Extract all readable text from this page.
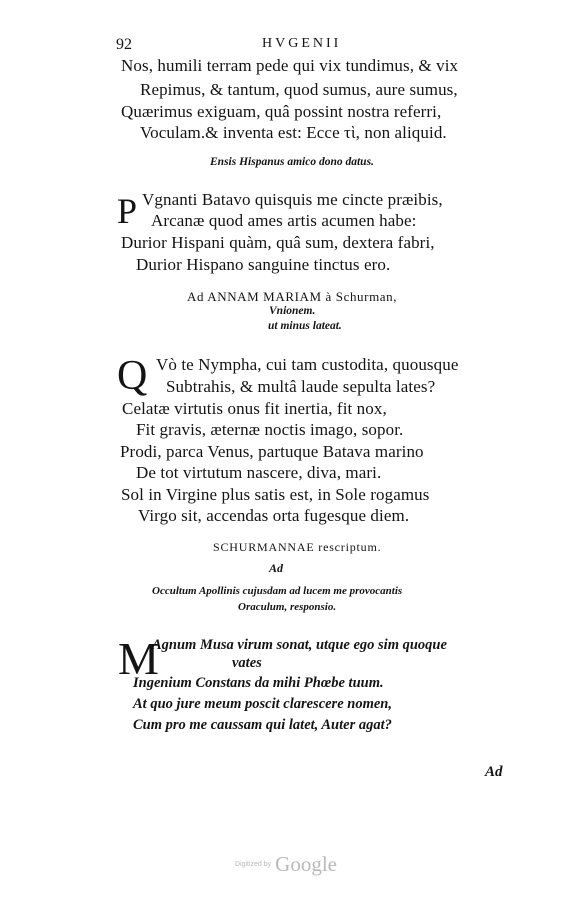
92	HVGENII
Nos, humili terram pede qui vix tundimus, & vix
Repimus, & tantum, quod sumus, aure sumus,
Quærimus exiguam, quâ possint nostra referri,
Voculam.& inventa est: Ecce τὶ, non aliquid.
Ensis Hispanus amico dono datus.
P Vgnanti Batavo quisquis me cincte præibis,
Arcanæ quod ames artis acumen habe:
Durior Hispani quàm, quâ sum, dextera fabri,
Durior Hispano sanguine tinctus ero.
Ad ANNAM MARIAM à Schurman,
Vnionem.
ut minus lateat.
Q Vò te Nympha, cui tam custodita, quousque
Subtrahis, & multâ laude sepulta lates?
Celatæ virtutis onus fit inertia, fit nox,
Fit gravis, æternæ noctis imago, sopor.
Prodi, parca Venus, partuque Batava marino
De tot virtutum nascere, diva, mari.
Sol in Virgine plus satis est, in Sole rogamus
Virgo sit, accendas orta fugesque diem.
SCHURMANNAE rescriptum.
Ad
Occultum Apollinis cujusdam ad lucem me provocantis
Oraculum, responsio.
M
Agnum Musa virum sonat, utque ego sim quoque
vates
Ingenium Constans da mihi Phœbe tuum.
At quo jure meum poscit clarescere nomen,
Cum pro me caussam qui latet, Auter agat?
Ad
Digitized by Google
